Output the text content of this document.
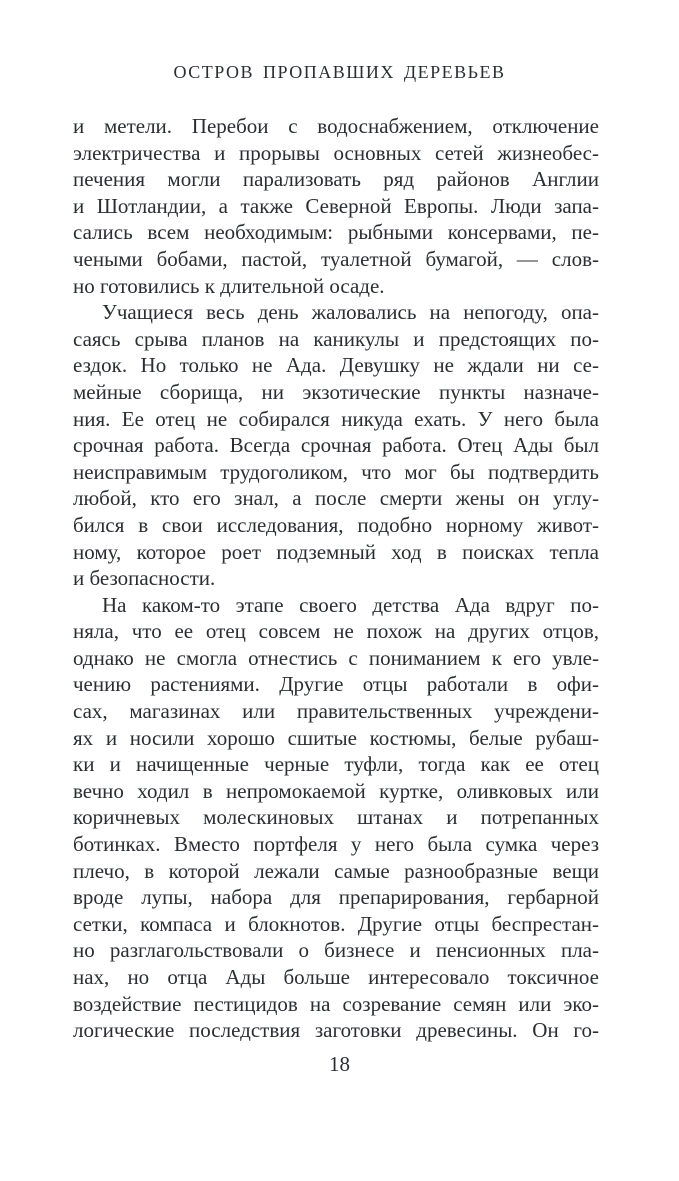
ОСТРОВ ПРОПАВШИХ ДЕРЕВЬЕВ
и метели. Перебои с водоснабжением, отключение
электричества и прорывы основных сетей жизнеобес-
печения могли парализовать ряд районов Англии
и Шотландии, а также Северной Европы. Люди запа-
сались всем необходимым: рыбными консервами, пе-
чеными бобами, пастой, туалетной бумагой, — слов-
но готовились к длительной осаде.
Учащиеся весь день жаловались на непогоду, опа-
саясь срыва планов на каникулы и предстоящих по-
ездок. Но только не Ада. Девушку не ждали ни се-
мейные сборища, ни экзотические пункты назначе-
ния. Ее отец не собирался никуда ехать. У него была
срочная работа. Всегда срочная работа. Отец Ады был
неисправимым трудоголиком, что мог бы подтвердить
любой, кто его знал, а после смерти жены он углу-
бился в свои исследования, подобно норному живот-
ному, которое роет подземный ход в поисках тепла
и безопасности.
На каком-то этапе своего детства Ада вдруг по-
няла, что ее отец совсем не похож на других отцов,
однако не смогла отнестись с пониманием к его увле-
чению растениями. Другие отцы работали в офи-
сах, магазинах или правительственных учреждени-
ях и носили хорошо сшитые костюмы, белые рубаш-
ки и начищенные черные туфли, тогда как ее отец
вечно ходил в непромокаемой куртке, оливковых или
коричневых молескиновых штанах и потрепанных
ботинках. Вместо портфеля у него была сумка через
плечо, в которой лежали самые разнообразные вещи
вроде лупы, набора для препарирования, гербарной
сетки, компаса и блокнотов. Другие отцы беспрестан-
но разглагольствовали о бизнесе и пенсионных пла-
нах, но отца Ады больше интересовало токсичное
воздействие пестицидов на созревание семян или эко-
логические последствия заготовки древесины. Он го-
18
